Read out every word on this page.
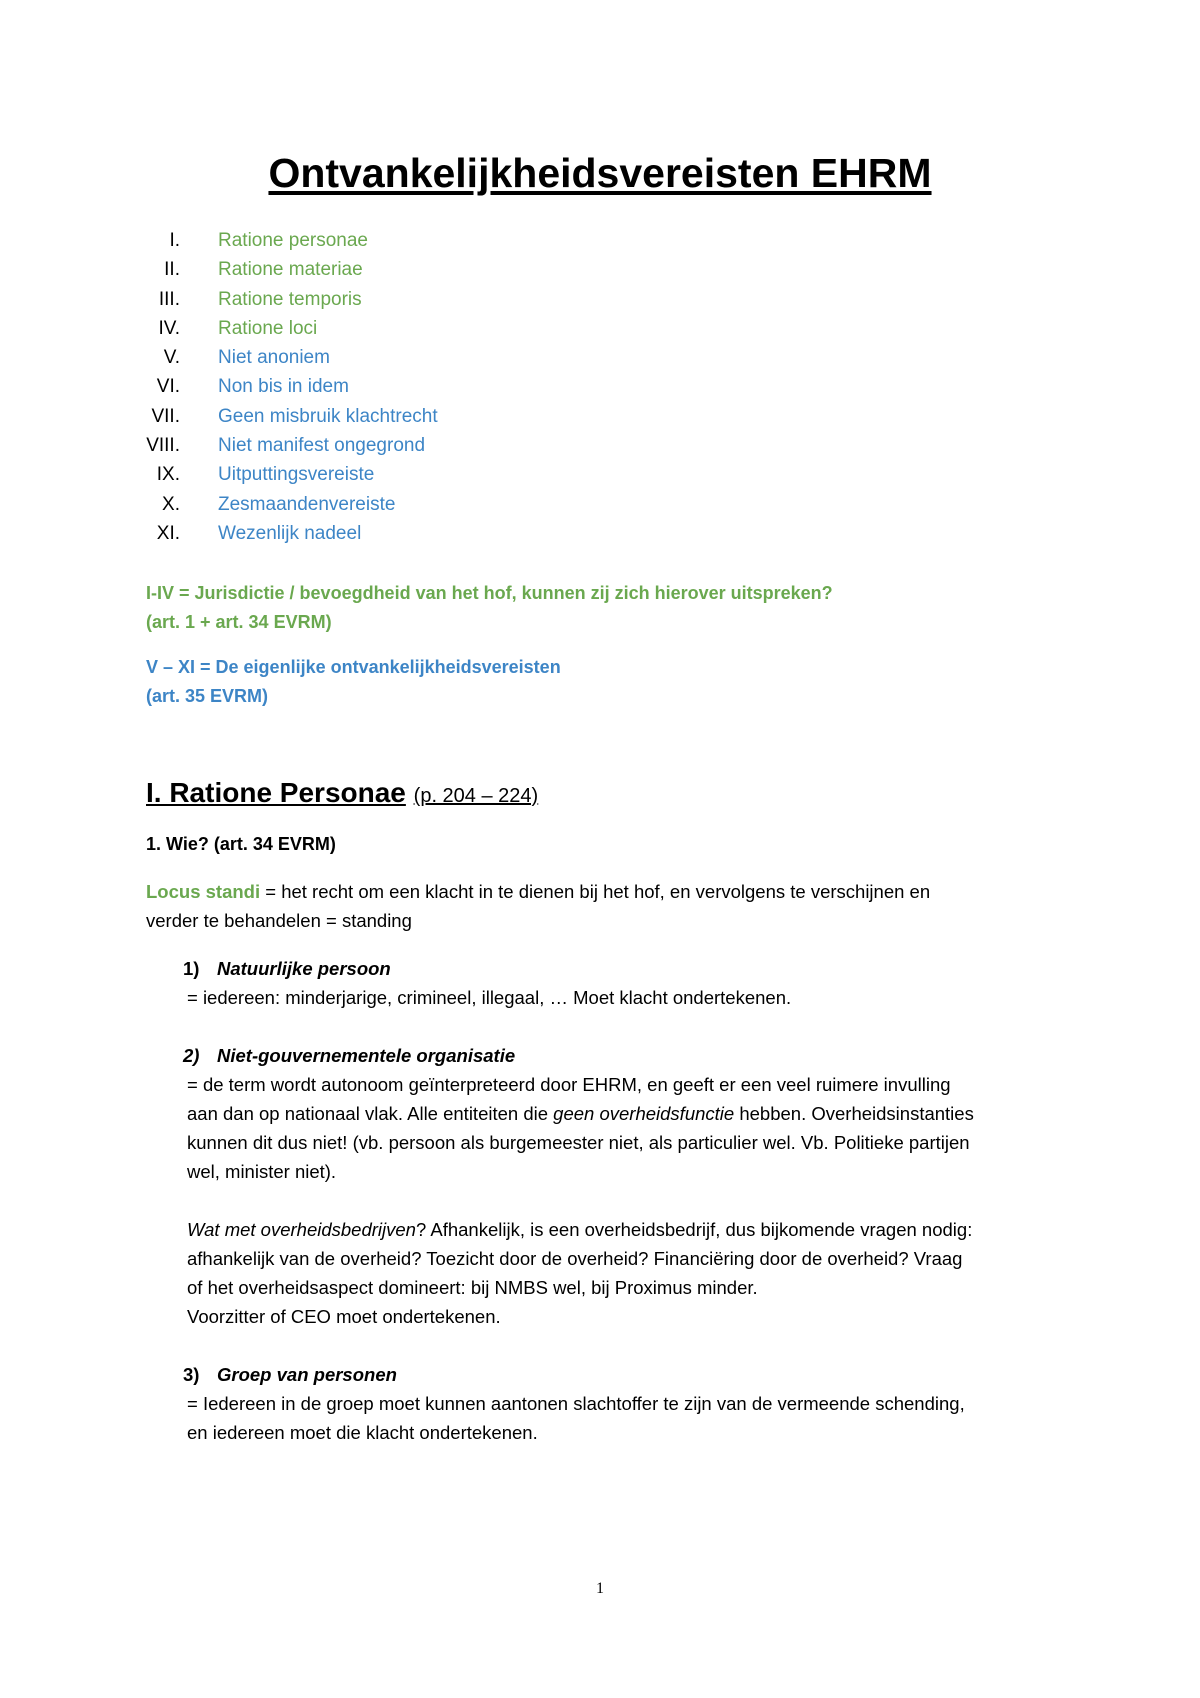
Ontvankelijkheidsvereisten EHRM
I. Ratione personae
II. Ratione materiae
III. Ratione temporis
IV. Ratione loci
V. Niet anoniem
VI. Non bis in idem
VII. Geen misbruik klachtrecht
VIII. Niet manifest ongegrond
IX. Uitputtingsvereiste
X. Zesmaandenvereiste
XI. Wezenlijk nadeel
I-IV = Jurisdictie / bevoegdheid van het hof, kunnen zij zich hierover uitspreken?
(art. 1 + art. 34 EVRM)
V – XI = De eigenlijke ontvankelijkheidsvereisten
(art. 35 EVRM)
I. Ratione Personae (p. 204 – 224)
1. Wie? (art. 34 EVRM)
Locus standi = het recht om een klacht in te dienen bij het hof, en vervolgens te verschijnen en
verder te behandelen = standing
1) Natuurlijke persoon

= iedereen: minderjarige, crimineel, illegaal, … Moet klacht ondertekenen.

2) Niet-gouvernementele organisatie

= de term wordt autonoom geïnterpreteerd door EHRM, en geeft er een veel ruimere invulling

aan dan op nationaal vlak. Alle entiteiten die geen overheidsfunctie hebben. Overheidsinstanties

kunnen dit dus niet! (vb. persoon als burgemeester niet, als particulier wel. Vb. Politieke partijen

wel, minister niet).

Wat met overheidsbedrijven? Afhankelijk, is een overheidsbedrijf, dus bijkomende vragen nodig:

afhankelijk van de overheid? Toezicht door de overheid? Financiëring door de overheid? Vraag

of het overheidsaspect domineert: bij NMBS wel, bij Proximus minder.

Voorzitter of CEO moet ondertekenen.

3) Groep van personen

= Iedereen in de groep moet kunnen aantonen slachtoffer te zijn van de vermeende schending,

en iedereen moet die klacht ondertekenen.

1
